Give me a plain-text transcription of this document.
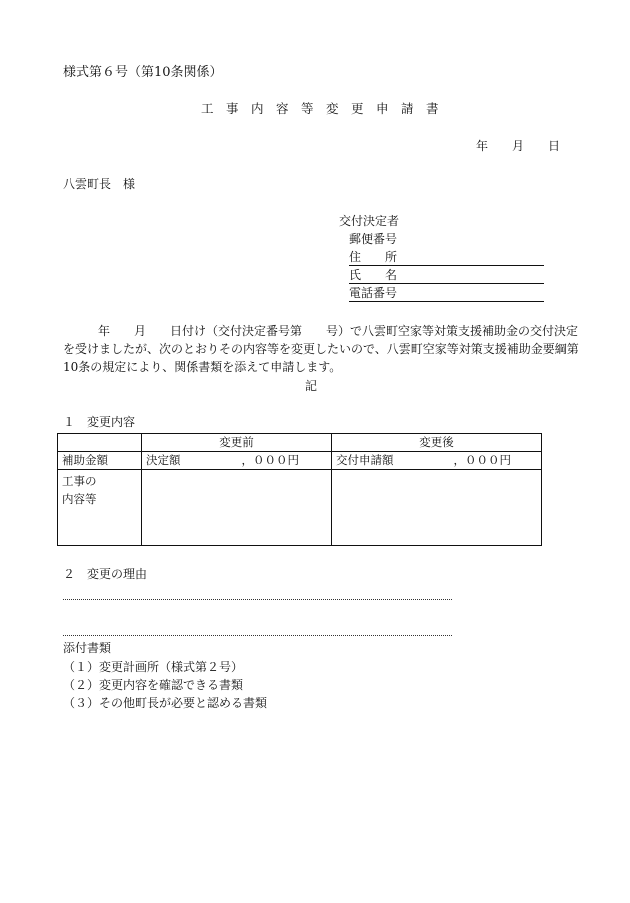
様式第６号（第10条関係）
工　事　内　容　等　変　更　申　請　書
年　　月　　日
八雲町長　様
交付決定者
郵便番号
住　　所
氏　　名
電話番号
年　　月　　日付け（交付決定番号第　　号）で八雲町空家等対策支援補助金の交付決定
を受けましたが、次のとおりその内容等を変更したいので、八雲町空家等対策支援補助金要綱第
10条の規定により、関係書類を添えて申請します。
記
１　変更内容
	変更前	変更後
補助金額	決定額 ，０００円	交付申請額 ，０００円

工事の
内容等		

２　変更の理由
添付書類
（１）変更計画所（様式第２号）
（２）変更内容を確認できる書類
（３）その他町長が必要と認める書類
